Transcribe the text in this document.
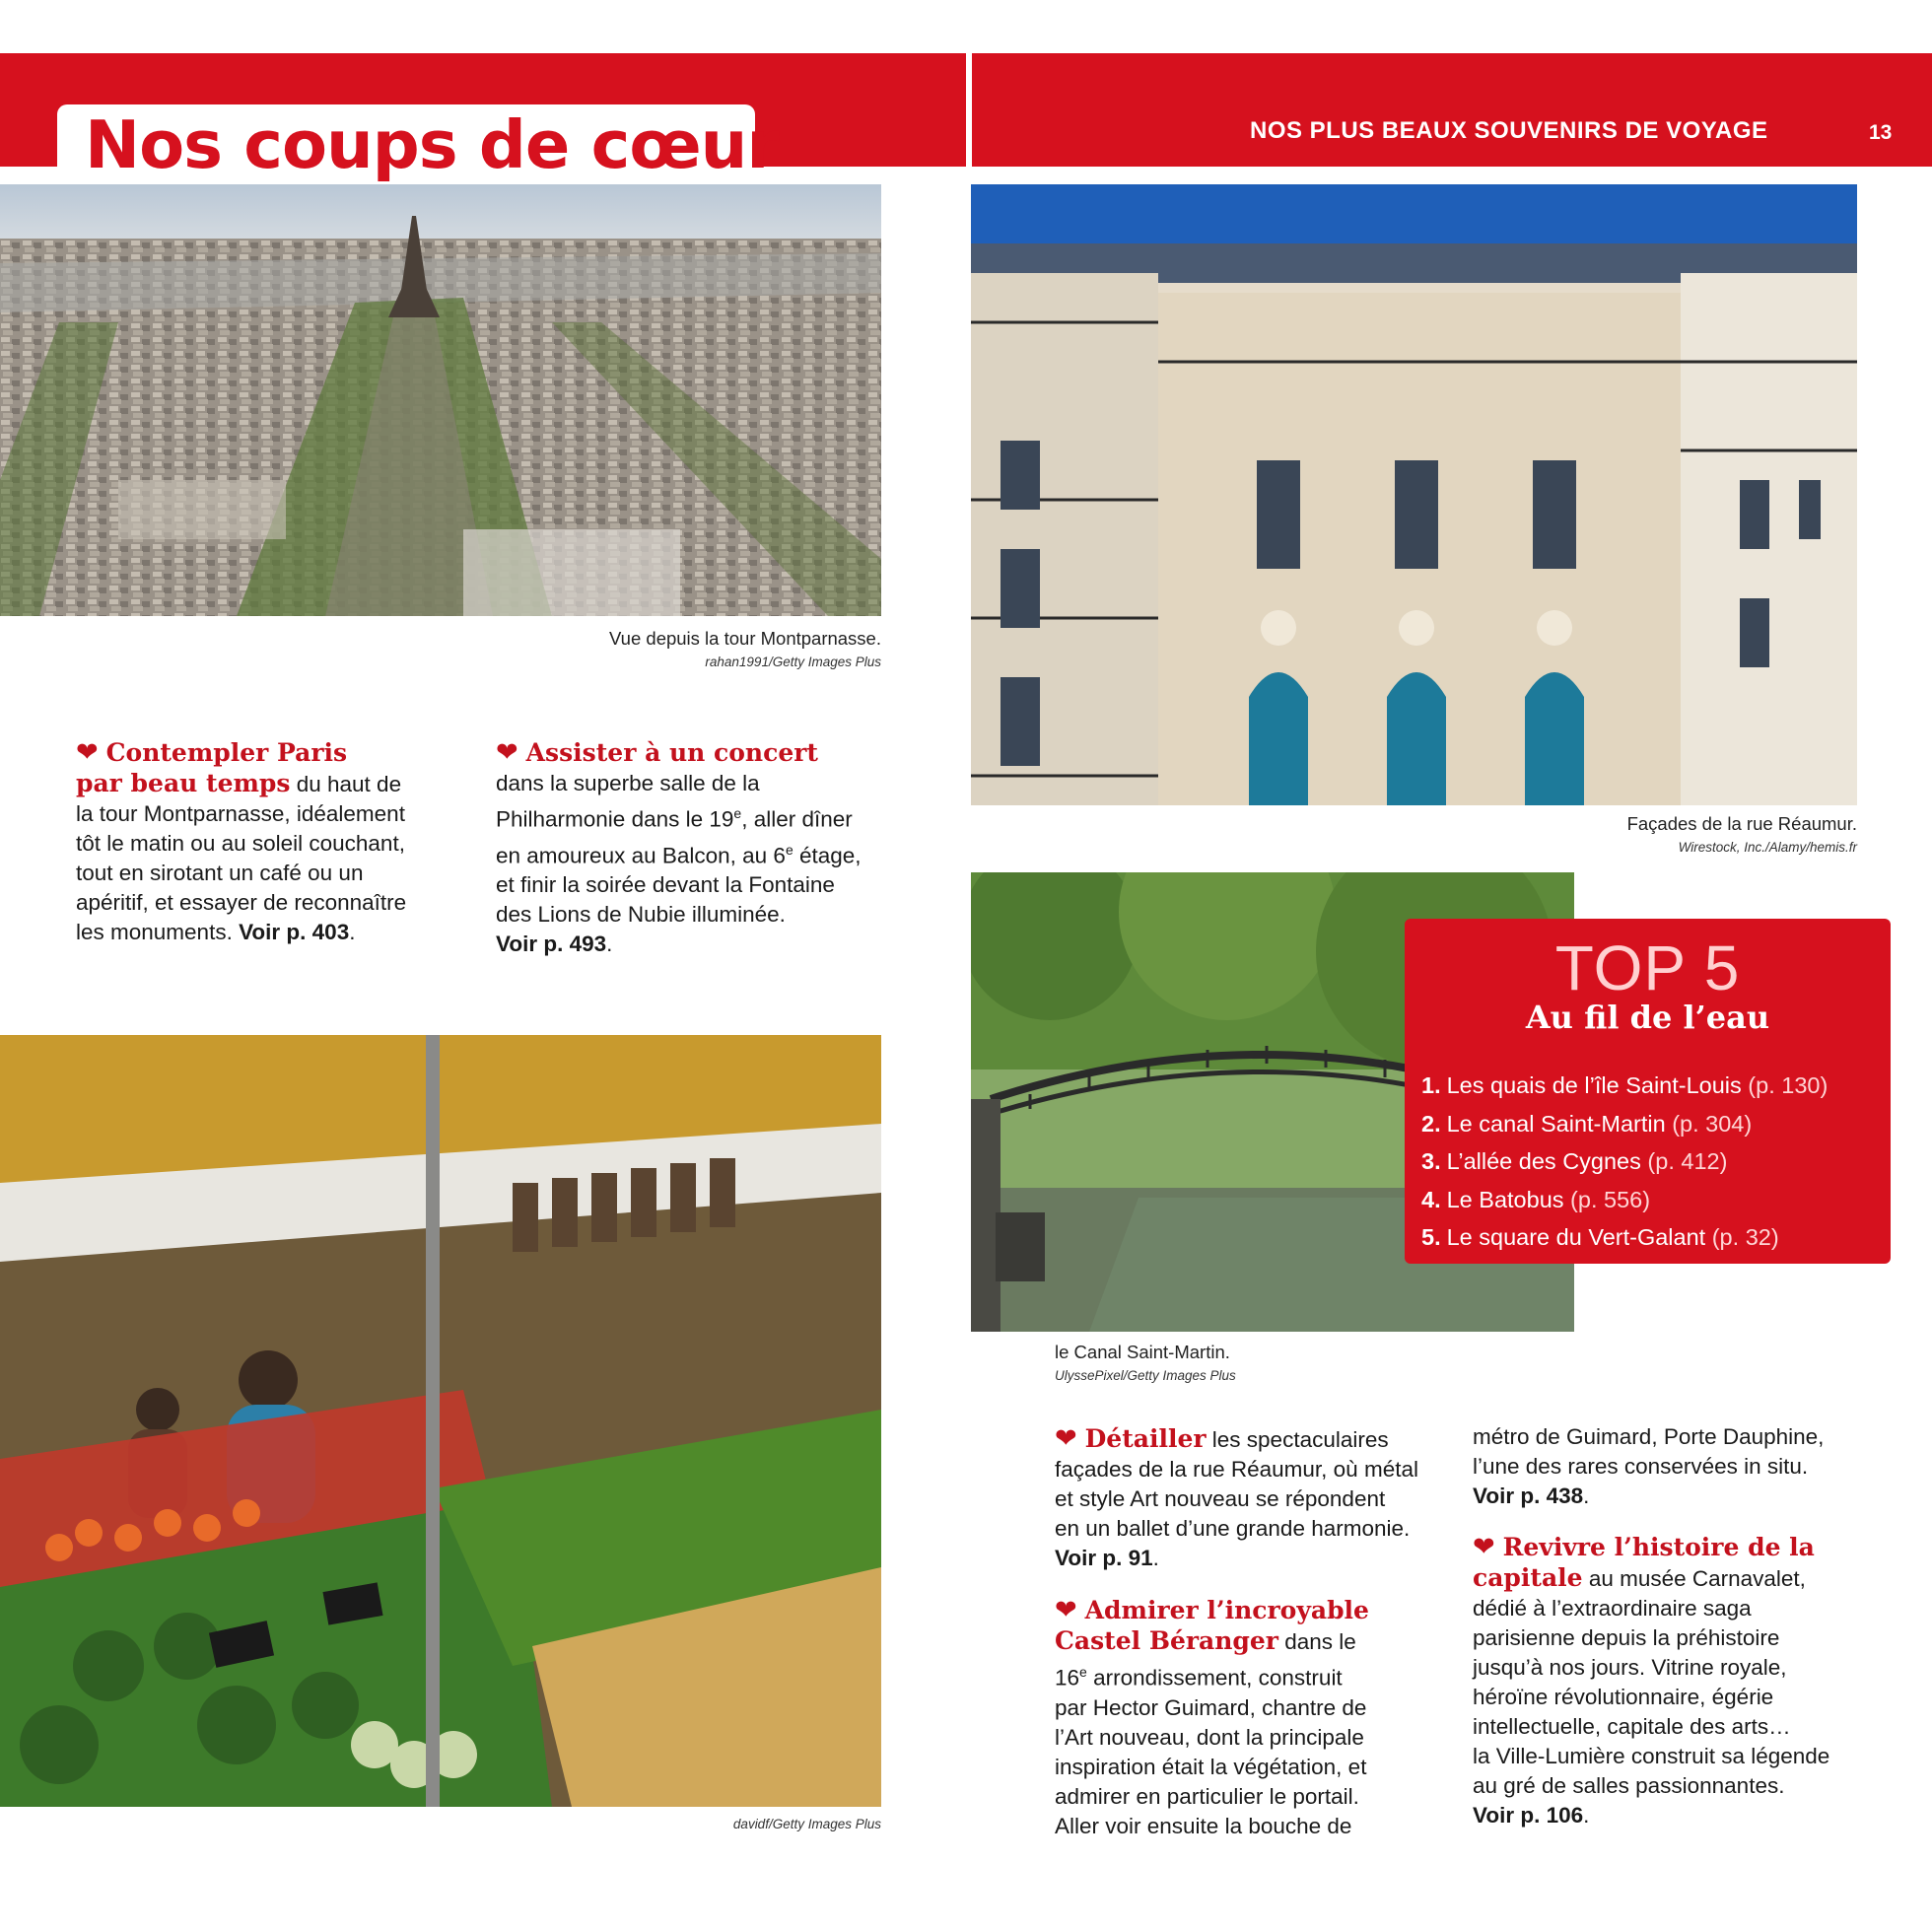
Nos coups de cœur	NOS PLUS BEAUX SOUVENIRS DE VOYAGE	13
Vue depuis la tour Montparnasse.
rahan1991/Getty Images Plus
❤ Contempler Paris
par beau temps du haut de
la tour Montparnasse, idéalement
tôt le matin ou au soleil couchant,
tout en sirotant un café ou un
apéritif, et essayer de reconnaître
les monuments. Voir p. 403.
❤ Assister à un concert
dans la superbe salle de la
Philharmonie dans le 19e, aller dîner
en amoureux au Balcon, au 6e étage,
et finir la soirée devant la Fontaine
des Lions de Nubie illuminée.
Voir p. 493.
davidf/Getty Images Plus
Façades de la rue Réaumur.
Wirestock, Inc./Alamy/hemis.fr
le Canal Saint-Martin.
UlyssePixel/Getty Images Plus
TOP 5
Au fil de l’eau
1. Les quais de l’île Saint-Louis (p. 130)
2. Le canal Saint-Martin (p. 304)
3. L’allée des Cygnes (p. 412)
4. Le Batobus (p. 556)
5. Le square du Vert-Galant (p. 32)
❤ Détailler les spectaculaires
façades de la rue Réaumur, où métal
et style Art nouveau se répondent
en un ballet d’une grande harmonie.
Voir p. 91.
❤ Admirer l’incroyable
Castel Béranger dans le
16e arrondissement, construit
par Hector Guimard, chantre de
l’Art nouveau, dont la principale
inspiration était la végétation, et
admirer en particulier le portail.
Aller voir ensuite la bouche de
métro de Guimard, Porte Dauphine,
l’une des rares conservées in situ.
Voir p. 438.
❤ Revivre l’histoire de la
capitale au musée Carnavalet,
dédié à l’extraordinaire saga
parisienne depuis la préhistoire
jusqu’à nos jours. Vitrine royale,
héroïne révolutionnaire, égérie
intellectuelle, capitale des arts…
la Ville-Lumière construit sa légende
au gré de salles passionnantes.
Voir p. 106.
